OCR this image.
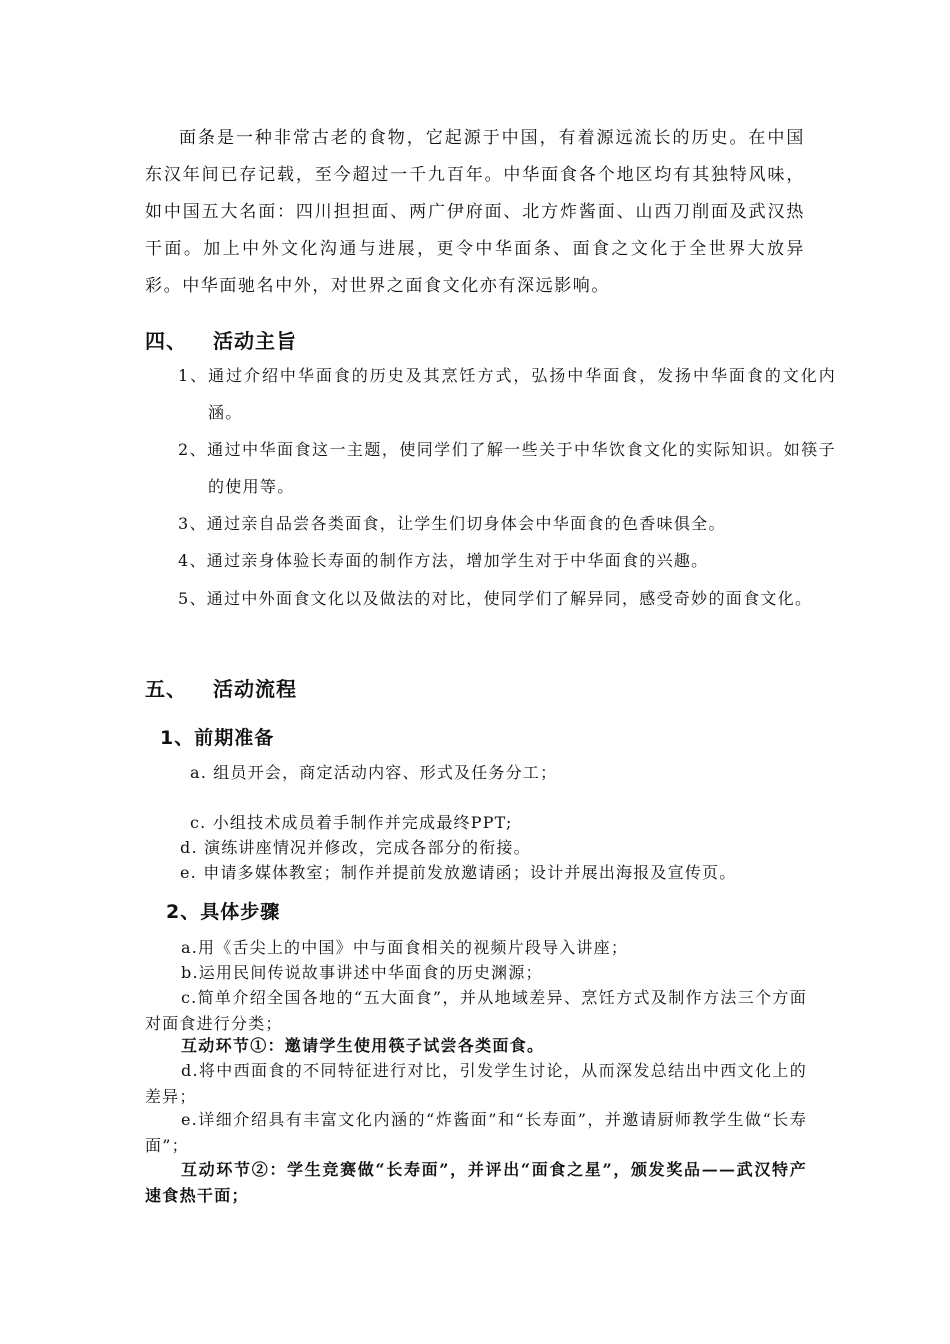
面条是一种非常古老的食物，它起源于中国，有着源远流长的历史。在中国东汉年间已存记载，至今超过一千九百年。中华面食各个地区均有其独特风味，如中国五大名面：四川担担面、两广伊府面、北方炸酱面、山西刀削面及武汉热干面。加上中外文化沟通与进展，更令中华面条、面食之文化于全世界大放异彩。中华面驰名中外，对世界之面食文化亦有深远影响。

四、 活动主旨

1、通过介绍中华面食的历史及其烹饪方式，弘扬中华面食，发扬中华面食的文化内涵。

2、通过中华面食这一主题，使同学们了解一些关于中华饮食文化的实际知识。如筷子的使用等。

3、通过亲自品尝各类面食，让学生们切身体会中华面食的色香味俱全。

4、通过亲身体验长寿面的制作方法，增加学生对于中华面食的兴趣。

5、通过中外面食文化以及做法的对比，使同学们了解异同，感受奇妙的面食文化。

五、 活动流程
1、前期准备

a. 组员开会，商定活动内容、形式及任务分工；

c. 小组技术成员着手制作并完成最终PPT;

d. 演练讲座情况并修改，完成各部分的衔接。

e. 申请多媒体教室；制作并提前发放邀请函；设计并展出海报及宣传页。

2、具体步骤

a.用《舌尖上的中国》中与面食相关的视频片段导入讲座；

b.运用民间传说故事讲述中华面食的历史渊源；

c.简单介绍全国各地的“五大面食”，并从地域差异、烹饪方式及制作方法三个方面对面食进行分类；

互动环节①：邀请学生使用筷子试尝各类面食。

d.将中西面食的不同特征进行对比，引发学生讨论，从而深发总结出中西文化上的差异；

e.详细介绍具有丰富文化内涵的“炸酱面”和“长寿面”，并邀请厨师教学生做“长寿面”；

互动环节②：学生竞赛做“长寿面”，并评出“面食之星”，颁发奖品——武汉特产速食热干面；
